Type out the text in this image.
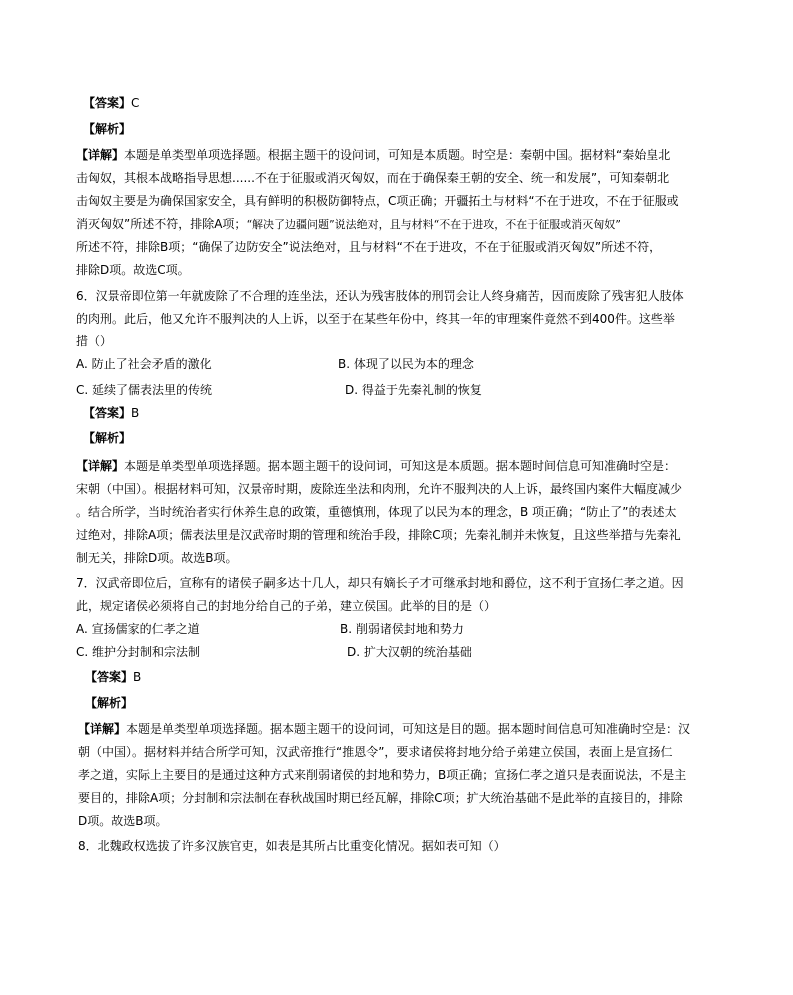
【答案】C
【解析】
【详解】本题是单类型单项选择题。根据主题干的设问词，可知是本质题。时空是：秦朝中国。据材料“秦始皇北
击匈奴，其根本战略指导思想......不在于征服或消灭匈奴，而在于确保秦王朝的安全、统一和发展”，可知秦朝北
击匈奴主要是为确保国家安全，具有鲜明的积极防御特点，C项正确；开疆拓土与材料“不在于进攻，不在于征服或
消灭匈奴”所述不符，排除A项；“解决了边疆问题”说法绝对，且与材料“不在于进攻，不在于征服或消灭匈奴”
所述不符，排除B项；“确保了边防安全”说法绝对，且与材料“不在于进攻，不在于征服或消灭匈奴”所述不符，
排除D项。故选C项。
6．汉景帝即位第一年就废除了不合理的连坐法，还认为残害肢体的刑罚会让人终身痛苦，因而废除了残害犯人肢体
的肉刑。此后，他又允许不服判决的人上诉，以至于在某些年份中，终其一年的审理案件竟然不到400件。这些举
措（）
A. 防止了社会矛盾的激化	B. 体现了以民为本的理念
C. 延续了儒表法里的传统	D. 得益于先秦礼制的恢复
【答案】B
【解析】
【详解】本题是单类型单项选择题。据本题主题干的设问词，可知这是本质题。据本题时间信息可知准确时空是：
宋朝（中国）。根据材料可知，汉景帝时期，废除连坐法和肉刑，允许不服判决的人上诉，最终国内案件大幅度减少
。结合所学，当时统治者实行休养生息的政策，重德慎刑，体现了以民为本的理念，B 项正确；“防止了”的表述太
过绝对，排除A项；儒表法里是汉武帝时期的管理和统治手段，排除C项；先秦礼制并未恢复，且这些举措与先秦礼
制无关，排除D项。故选B项。
7．汉武帝即位后，宣称有的诸侯子嗣多达十几人，却只有嫡长子才可继承封地和爵位，这不利于宣扬仁孝之道。因
此，规定诸侯必须将自己的封地分给自己的子弟，建立侯国。此举的目的是（）
A. 宣扬儒家的仁孝之道	B. 削弱诸侯封地和势力
C. 维护分封制和宗法制	D. 扩大汉朝的统治基础
【答案】B
【解析】
【详解】本题是单类型单项选择题。据本题主题干的设问词，可知这是目的题。据本题时间信息可知准确时空是：汉
朝（中国）。据材料并结合所学可知，汉武帝推行“推恩令”，要求诸侯将封地分给子弟建立侯国，表面上是宣扬仁
孝之道，实际上主要目的是通过这种方式来削弱诸侯的封地和势力，B项正确；宣扬仁孝之道只是表面说法，不是主
要目的，排除A项；分封制和宗法制在春秋战国时期已经瓦解，排除C项；扩大统治基础不是此举的直接目的，排除
D项。故选B项。
8．北魏政权选拔了许多汉族官吏，如表是其所占比重变化情况。据如表可知（）
